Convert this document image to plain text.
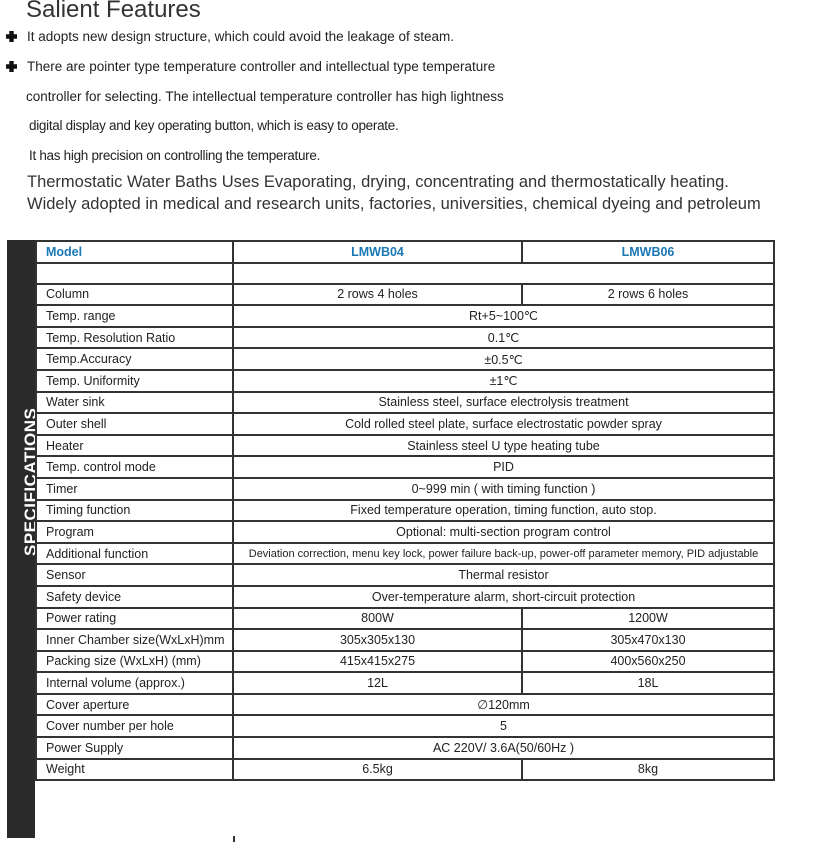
Salient Features
It adopts new design structure, which could avoid the leakage of steam.
There are pointer type temperature controller and intellectual type temperature
controller for selecting. The intellectual temperature controller has high lightness
digital display and key operating button, which is easy to operate.
It has high precision on controlling the temperature.
Thermostatic Water Baths Uses Evaporating, drying, concentrating and thermostatically heating.
Widely adopted in medical and research units, factories, universities, chemical dyeing and petroleum
SPECIFICATIONS
Model	LMWB04	LMWB06

Column	2 rows 4 holes	2 rows 6 holes
Temp. range	Rt+5~100℃	
Temp. Resolution Ratio	0.1℃	
Temp.Accuracy	±0.5℃	
Temp. Uniformity	±1℃	
Water sink	Stainless steel, surface electrolysis treatment	
Outer shell	Cold rolled steel plate, surface electrostatic powder spray	
Heater	Stainless steel U type heating tube	
Temp. control mode	PID	
Timer	0~999 min ( with timing function )	
Timing function	Fixed temperature operation, timing function, auto stop.	
Program	Optional: multi-section program control	
Additional function	Deviation correction, menu key lock, power failure back-up, power-off parameter memory, PID adjustable	
Sensor	Thermal resistor	
Safety device	Over-temperature alarm, short-circuit protection	
Power rating	800W	1200W
Inner Chamber size(WxLxH)mm	305x305x130	305x470x130
Packing size (WxLxH) (mm)	415x415x275	400x560x250
Internal volume (approx.)	12L	18L
Cover aperture	∅120mm	
Cover number per hole	5	
Power Supply	AC 220V/ 3.6A(50/60Hz )	
Weight	6.5kg	8kg
